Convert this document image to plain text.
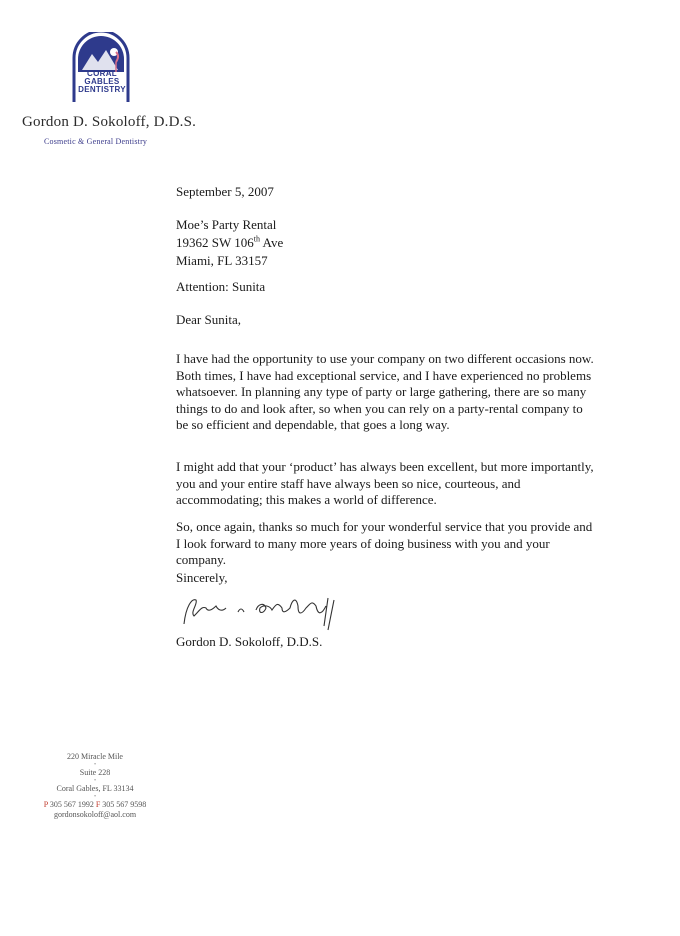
CORAL
GABLES
DENTISTRY
Gordon D. Sokoloff, D.D.S.
Cosmetic & General Dentistry
September 5, 2007
Moe’s Party Rental
19362 SW 106th Ave
Miami, FL 33157
Attention: Sunita
Dear Sunita,

I have had the opportunity to use your company on two different occasions now. Both times, I have had exceptional service, and I have experienced no problems whatsoever. In planning any type of party or large gathering, there are so many things to do and look after, so when you can rely on a party-rental company to be so efficient and dependable, that goes a long way.

I might add that your ‘product’ has always been excellent, but more importantly, you and your entire staff have always been so nice, courteous, and accommodating; this makes a world of difference.

So, once again, thanks so much for your wonderful service that you provide and I look forward to many more years of doing business with you and your company.

Sincerely,
Gordon D. Sokoloff, D.D.S.
220 Miracle Mile
•
Suite 228
•
Coral Gables, FL 33134
•
P 305 567 1992 F 305 567 9598
gordonsokoloff@aol.com
